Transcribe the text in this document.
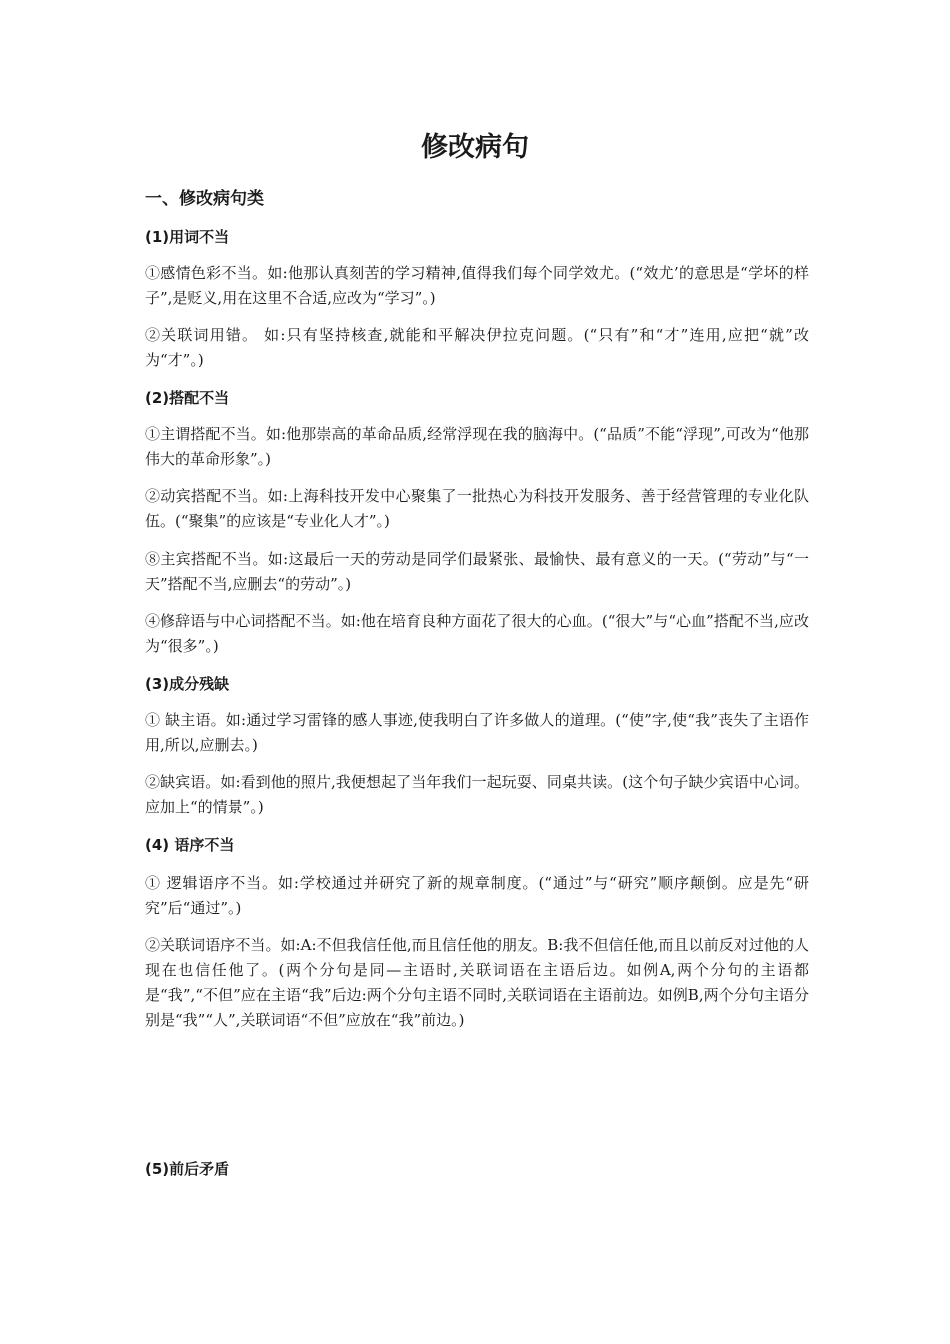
修改病句
一、修改病句类
(1)用词不当
①感情色彩不当。如:他那认真刻苦的学习精神,值得我们每个同学效尤。(“效尤’的意思是“学坏的样子”,是贬义,用在这里不合适,应改为“学习”。)
②关联词用错。 如:只有坚持核查,就能和平解决伊拉克问题。(“只有”和“才”连用,应把“就”改为“才”。)
(2)搭配不当
①主谓搭配不当。如:他那崇高的革命品质,经常浮现在我的脑海中。(“品质”不能“浮现”,可改为“他那伟大的革命形象”。)
②动宾搭配不当。如:上海科技开发中心聚集了一批热心为科技开发服务、善于经营管理的专业化队伍。(“聚集”的应该是“专业化人才”。)
⑧主宾搭配不当。如:这最后一天的劳动是同学们最紧张、最愉快、最有意义的一天。(“劳动”与“一天”搭配不当,应删去“的劳动”。)
④修辞语与中心词搭配不当。如:他在培育良种方面花了很大的心血。(“很大”与“心血”搭配不当,应改为“很多”。)
(3)成分残缺
① 缺主语。如:通过学习雷锋的感人事迹,使我明白了许多做人的道理。(“使”字,使“我”丧失了主语作用,所以,应删去。)
②缺宾语。如:看到他的照片,我便想起了当年我们一起玩耍、同桌共读。(这个句子缺少宾语中心词。应加上“的情景”。)
(4) 语序不当
① 逻辑语序不当。如:学校通过并研究了新的规章制度。(“通过”与“研究”顺序颠倒。应是先“研究”后“通过”。)
②关联词语序不当。如:A:不但我信任他,而且信任他的朋友。B:我不但信任他,而且以前反对过他的人现在也信任他了。(两个分句是同—主语时,关联词语在主语后边。如例A,两个分句的主语都是“我”,“不但”应在主语“我”后边:两个分句主语不同时,关联词语在主语前边。如例B,两个分句主语分别是“我”“人”,关联词语“不但”应放在“我”前边。)
(5)前后矛盾
